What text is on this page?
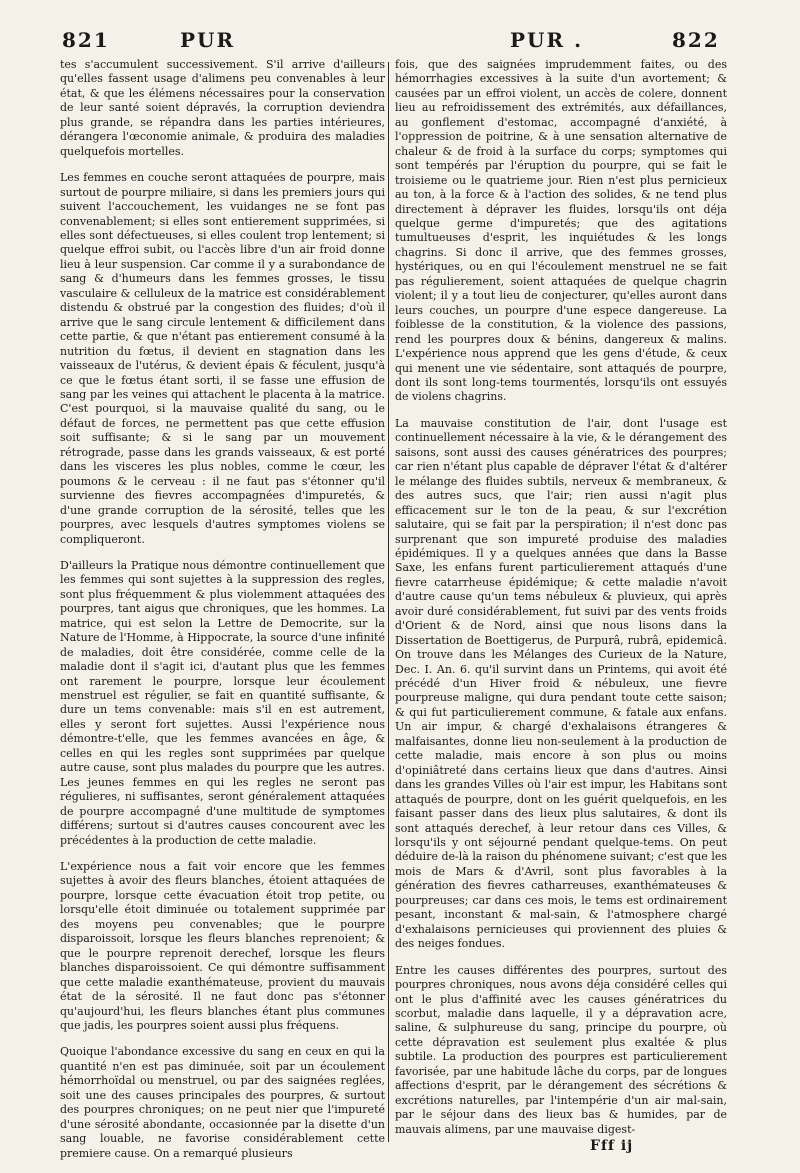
821	PUR	PUR .	822

tes s'accumulent successivement. S'il arrive d'ailleurs qu'elles fassent usage d'alimens peu convenables à leur état, & que les élémens nécessaires pour la conservation de leur santé soient dépravés, la corruption deviendra plus grande, se répandra dans les parties intérieures, dérangera l'œconomie animale, & produira des maladies quelquefois mortelles.

Les femmes en couche seront attaquées de pourpre, mais surtout de pourpre miliaire, si dans les premiers jours qui suivent l'accouchement, les vuidanges ne se font pas convenablement; si elles sont entierement supprimées, si elles sont défectueuses, si elles coulent trop lentement; si quelque effroi subit, ou l'accès libre d'un air froid donne lieu à leur suspension. Car comme il y a surabondance de sang & d'humeurs dans les femmes grosses, le tissu vasculaire & celluleux de la matrice est considérablement distendu & obstrué par la congestion des fluides; d'où il arrive que le sang circule lentement & difficilement dans cette partie, & que n'étant pas entierement consumé à la nutrition du fœtus, il devient en stagnation dans les vaisseaux de l'utérus, & devient épais & féculent, jusqu'à ce que le fœtus étant sorti, il se fasse une effusion de sang par les veines qui attachent le placenta à la matrice. C'est pourquoi, si la mauvaise qualité du sang, ou le défaut de forces, ne permettent pas que cette effusion soit suffisante; & si le sang par un mouvement rétrograde, passe dans les grands vaisseaux, & est porté dans les visceres les plus nobles, comme le cœur, les poumons & le cerveau : il ne faut pas s'étonner qu'il survienne des fievres accompagnées d'impuretés, & d'une grande corruption de la sérosité, telles que les pourpres, avec lesquels d'autres symptomes violens se compliqueront.

D'ailleurs la Pratique nous démontre continuellement que les femmes qui sont sujettes à la suppression des regles, sont plus fréquemment & plus violemment attaquées des pourpres, tant aigus que chroniques, que les hommes. La matrice, qui est selon la Lettre de Democrite, sur la Nature de l'Homme, à Hippocrate, la source d'une infinité de maladies, doit être considérée, comme celle de la maladie dont il s'agit ici, d'autant plus que les femmes ont rarement le pourpre, lorsque leur écoulement menstruel est régulier, se fait en quantité suffisante, & dure un tems convenable: mais s'il en est autrement, elles y seront fort sujettes. Aussi l'expérience nous démontre-t'elle, que les femmes avancées en âge, & celles en qui les regles sont supprimées par quelque autre cause, sont plus malades du pourpre que les autres. Les jeunes femmes en qui les regles ne seront pas régulieres, ni suffisantes, seront généralement attaquées de pourpre accompagné d'une multitude de symptomes différens; surtout si d'autres causes concourent avec les précédentes à la production de cette maladie.

L'expérience nous a fait voir encore que les femmes sujettes à avoir des fleurs blanches, étoient attaquées de pourpre, lorsque cette évacuation étoit trop petite, ou lorsqu'elle étoit diminuée ou totalement supprimée par des moyens peu convenables; que le pourpre disparoissoit, lorsque les fleurs blanches reprenoient; & que le pourpre reprenoit derechef, lorsque les fleurs blanches disparoissoient. Ce qui démontre suffisamment que cette maladie exanthémateuse, provient du mauvais état de la sérosité. Il ne faut donc pas s'étonner qu'aujourd'hui, les fleurs blanches étant plus communes que jadis, les pourpres soient aussi plus fréquens.

Quoique l'abondance excessive du sang en ceux en qui la quantité n'en est pas diminuée, soit par un écoulement hémorrhoïdal ou menstruel, ou par des saignées reglées, soit une des causes principales des pourpres, & surtout des pourpres chroniques; on ne peut nier que l'impureté d'une sérosité abondante, occasionnée par la disette d'un sang louable, ne favorise considérablement cette premiere cause. On a remarqué plusieurs

fois, que des saignées imprudemment faites, ou des hémorrhagies excessives à la suite d'un avortement; & causées par un effroi violent, un accès de colere, donnent lieu au refroidissement des extrémités, aux défaillances, au gonflement d'estomac, accompagné d'anxiété, à l'oppression de poitrine, & à une sensation alternative de chaleur & de froid à la surface du corps; symptomes qui sont tempérés par l'éruption du pourpre, qui se fait le troisieme ou le quatrieme jour. Rien n'est plus pernicieux au ton, à la force & à l'action des solides, & ne tend plus directement à dépraver les fluides, lorsqu'ils ont déja quelque germe d'impuretés; que des agitations tumultueuses d'esprit, les inquiétudes & les longs chagrins. Si donc il arrive, que des femmes grosses, hystériques, ou en qui l'écoulement menstruel ne se fait pas régulierement, soient attaquées de quelque chagrin violent; il y a tout lieu de conjecturer, qu'elles auront dans leurs couches, un pourpre d'une espece dangereuse. La foiblesse de la constitution, & la violence des passions, rend les pourpres doux & bénins, dangereux & malins. L'expérience nous apprend que les gens d'étude, & ceux qui menent une vie sédentaire, sont attaqués de pourpre, dont ils sont long-tems tourmentés, lorsqu'ils ont essuyés de violens chagrins.

La mauvaise constitution de l'air, dont l'usage est continuellement nécessaire à la vie, & le dérangement des saisons, sont aussi des causes génératrices des pourpres; car rien n'étant plus capable de dépraver l'état & d'altérer le mélange des fluides subtils, nerveux & membraneux, & des autres sucs, que l'air; rien aussi n'agit plus efficacement sur le ton de la peau, & sur l'excrétion salutaire, qui se fait par la perspiration; il n'est donc pas surprenant que son impureté produise des maladies épidémiques. Il y a quelques années que dans la Basse Saxe, les enfans furent particulierement attaqués d'une fievre catarrheuse épidémique; & cette maladie n'avoit d'autre cause qu'un tems nébuleux & pluvieux, qui après avoir duré considérablement, fut suivi par des vents froids d'Orient & de Nord, ainsi que nous lisons dans la Dissertation de Boettigerus, de Purpurâ, rubrâ, epidemicâ. On trouve dans les Mélanges des Curieux de la Nature, Dec. I. An. 6. qu'il survint dans un Printems, qui avoit été précédé d'un Hiver froid & nébuleux, une fievre pourpreuse maligne, qui dura pendant toute cette saison; & qui fut particulierement commune, & fatale aux enfans. Un air impur, & chargé d'exhalaisons étrangeres & malfaisantes, donne lieu non-seulement à la production de cette maladie, mais encore à son plus ou moins d'opiniâtreté dans certains lieux que dans d'autres. Ainsi dans les grandes Villes où l'air est impur, les Habitans sont attaqués de pourpre, dont on les guérit quelquefois, en les faisant passer dans des lieux plus salutaires, & dont ils sont attaqués derechef, à leur retour dans ces Villes, & lorsqu'ils y ont séjourné pendant quelque-tems. On peut déduire de-là la raison du phénomene suivant; c'est que les mois de Mars & d'Avril, sont plus favorables à la génération des fievres catharreuses, exanthémateuses & pourpreuses; car dans ces mois, le tems est ordinairement pesant, inconstant & mal-sain, & l'atmosphere chargé d'exhalaisons pernicieuses qui proviennent des pluies & des neiges fondues.

Entre les causes différentes des pourpres, surtout des pourpres chroniques, nous avons déja considéré celles qui ont le plus d'affinité avec les causes génératrices du scorbut, maladie dans laquelle, il y a dépravation acre, saline, & sulphureuse du sang, principe du pourpre, où cette dépravation est seulement plus exaltée & plus subtile. La production des pourpres est particulierement favorisée, par une habitude lâche du corps, par de longues affections d'esprit, par le dérangement des sécrétions & excrétions naturelles, par l'intempérie d'un air mal-sain, par le séjour dans des lieux bas & humides, par de mauvais alimens, par une mauvaise digest-

Fff ij
